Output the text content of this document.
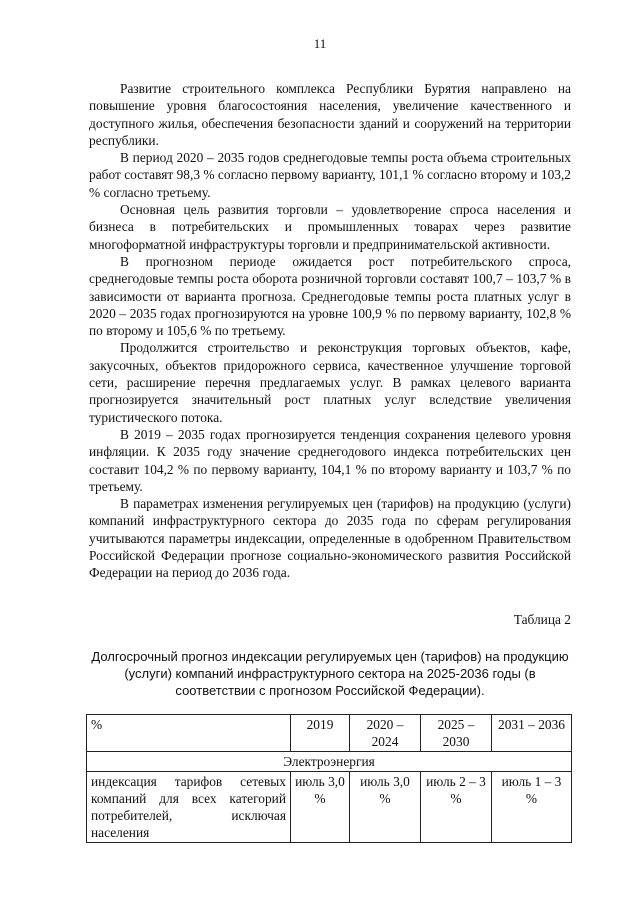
11

Развитие строительного комплекса Республики Бурятия направлено на повышение уровня благосостояния населения, увеличение качественного и доступного жилья, обеспечения безопасности зданий и сооружений на территории республики.

В период 2020 – 2035 годов среднегодовые темпы роста объема строительных работ составят 98,3 % согласно первому варианту, 101,1 % согласно второму и 103,2 % согласно третьему.

Основная цель развития торговли – удовлетворение спроса населения и бизнеса в потребительских и промышленных товарах через развитие многоформатной инфраструктуры торговли и предпринимательской активности.

В прогнозном периоде ожидается рост потребительского спроса, среднегодовые темпы роста оборота розничной торговли составят 100,7 – 103,7 % в зависимости от варианта прогноза. Среднегодовые темпы роста платных услуг в 2020 – 2035 годах прогнозируются на уровне 100,9 % по первому варианту, 102,8 % по второму и 105,6 % по третьему.

Продолжится строительство и реконструкция торговых объектов, кафе, закусочных, объектов придорожного сервиса, качественное улучшение торговой сети, расширение перечня предлагаемых услуг. В рамках целевого варианта прогнозируется значительный рост платных услуг вследствие увеличения туристического потока.

В 2019 – 2035 годах прогнозируется тенденция сохранения целевого уровня инфляции. К 2035 году значение среднегодового индекса потребительских цен составит 104,2 % по первому варианту, 104,1 % по второму варианту и 103,7 % по третьему.

В параметрах изменения регулируемых цен (тарифов) на продукцию (услуги) компаний инфраструктурного сектора до 2035 года по сферам регулирования учитываются параметры индексации, определенные в одобренном Правительством Российской Федерации прогнозе социально-экономического развития Российской Федерации на период до 2036 года.

Таблица 2
Долгосрочный прогноз индексации регулируемых цен (тарифов) на продукцию (услуги) компаний инфраструктурного сектора на 2025-2036 годы (в соответствии с прогнозом Российской Федерации).
%	2019	2020 – 2024	2025 – 2030	2031 – 2036
Электроэнергия				
индексация тарифов сетевых компаний для всех категорий потребителей, исключая населения	июль 3,0 %	июль 3,0 %	июль 2 – 3 %	июль 1 – 3 %
